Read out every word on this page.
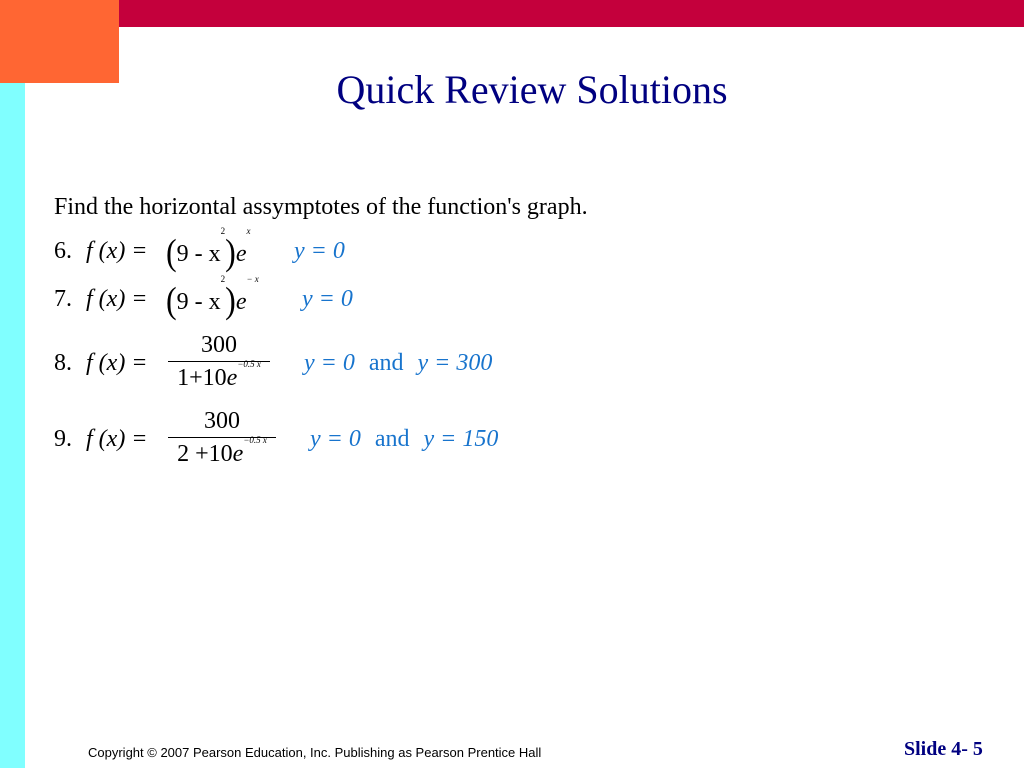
Quick Review Solutions
Find the horizontal assymptotes of the function's graph.
6. f $(x) = (9 - x^2)e^x$
y = 0
7. f $(x) = (9 - x^2)e^{- x}$
y = 0
8. f (x) =
300
$1+10e^{-0.5 x}$	y = 0 and y = 300
9. f (x) =
300
$2 +10e^{-0.5 x}$	y = 0 and y = 150
Copyright © 2007 Pearson Education, Inc. Publishing as Pearson Prentice Hall	Slide 4- 5
